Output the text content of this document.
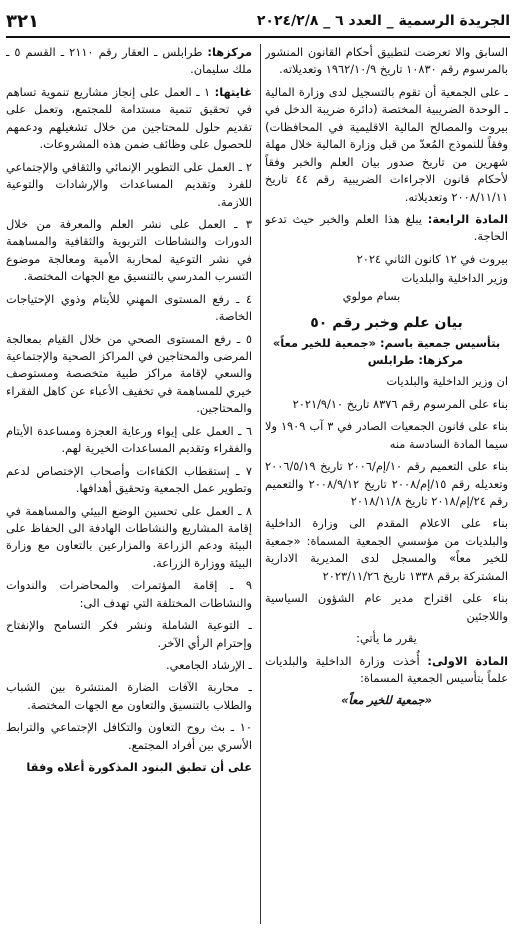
الجريدة الرسمية _ العدد ٦ _ ٢٠٢٤/٢/٨
٣٢١

السابق والا تعرضت لتطبيق أحكام القانون المنشور بالمرسوم رقم ١٠٨٣٠ تاريخ ١٩٦٢/١٠/٩ وتعديلاته.

ـ على الجمعية أن تقوم بالتسجيل لدى وزارة المالية ـ الوحدة الضريبية المختصة (دائرة ضريبة الدخل في بيروت والمصالح المالية الاقليمية في المحافظات) وفقاً للنموذج المُعدّ من قبل وزارة المالية خلال مهلة شهرين من تاريخ صدور بيان العلم والخبر وفقاً لأحكام قانون الاجراءات الضريبية رقم ٤٤ تاريخ ٢٠٠٨/١١/١١ وتعديلاته.

المادة الرابعة: يبلغ هذا العلم والخبر حيث تدعو الحاجة.

بيروت في ١٢ كانون الثاني ٢٠٢٤

وزير الداخلية والبلديات

بسام مولوي

بيان علم وخبر رقم ٥٠

بتأسيس جمعية باسم: «جمعية للخير معاً»

مركزها: طرابلس

ان وزير الداخلية والبلديات

بناء على المرسوم رقم ٨٣٧٦ تاريخ ٢٠٢١/٩/١٠

بناء على قانون الجمعيات الصادر في ٣ آب ١٩٠٩ ولا سيما المادة السادسة منه

بناء على التعميم رقم ١٠/إم/٢٠٠٦ تاريخ ٢٠٠٦/٥/١٩ وتعديله رقم ١٥/إم/٢٠٠٨ تاريخ ٢٠٠٨/٩/١٢ والتعميم رقم ٢٤/إم/٢٠١٨ تاريخ ٢٠١٨/١١/٨

بناء على الاعلام المقدم الى وزارة الداخلية والبلديات من مؤسسي الجمعية المسماة: «جمعية للخير معاً» والمسجل لدى المديرية الادارية المشتركة برقم ١٣٣٨ تاريخ ٢٠٢٣/١١/٢٦

بناء على اقتراح مدير عام الشؤون السياسية واللاجئين

يقرر ما يأتي:

المادة الاولى: أُخذت وزارة الداخلية والبلديات علماً بتأسيس الجمعية المسماة:

«جمعية للخير معاً»

مركزها: طرابلس ـ العقار رقم ٢١١٠ ـ القسم ٥ ـ ملك سليمان.

غايتها: ١ ـ العمل على إنجاز مشاريع تنموية تساهم في تحقيق تنمية مستدامة للمجتمع، وتعمل على تقديم حلول للمحتاجين من خلال تشغيلهم ودعمهم للحصول على وظائف ضمن هذه المشروعات.

٢ ـ العمل على التطوير الإنمائي والثقافي والإجتماعي للفرد وتقديم المساعدات والإرشادات والتوعية اللازمة.

٣ ـ العمل على نشر العلم والمعرفة من خلال الدورات والنشاطات التربوية والثقافية والمساهمة في نشر التوعية لمحاربة الأمية ومعالجة موضوع التسرب المدرسي بالتنسيق مع الجهات المختصة.

٤ ـ رفع المستوى المهني للأيتام وذوي الإحتياجات الخاصة.

٥ ـ رفع المستوى الصحي من خلال القيام بمعالجة المرضى والمحتاجين في المراكز الصحية والإجتماعية والسعي لإقامة مراكز طبية متخصصة ومستوصف خيري للمساهمة في تخفيف الأعباء عن كاهل الفقراء والمحتاجين.

٦ ـ العمل على إيواء ورعاية العجزة ومساعدة الأيتام والفقراء وتقديم المساعدات الخيرية لهم.

٧ ـ إستقطاب الكفاءات وأصحاب الإختصاص لدعم وتطوير عمل الجمعية وتحقيق أهدافها.

٨ ـ العمل على تحسين الوضع البيئي والمساهمة في إقامة المشاريع والنشاطات الهادفة الى الحفاظ على البيئة ودعم الزراعة والمزارعين بالتعاون مع وزارة البيئة ووزارة الزراعة.

٩ ـ إقامة المؤتمرات والمحاضرات والندوات والنشاطات المختلفة التي تهدف الى:

ـ التوعية الشاملة ونشر فكر التسامح والإنفتاح وإحترام الرأي الآخر.

ـ الإرشاد الجامعي.

ـ محاربة الآفات الضارة المنتشرة بين الشباب والطلاب بالتنسيق والتعاون مع الجهات المختصة.

١٠ ـ بث روح التعاون والتكافل الإجتماعي والترابط الأسري بين أفراد المجتمع.

على أن تطبق البنود المذكورة أعلاه وفقا
